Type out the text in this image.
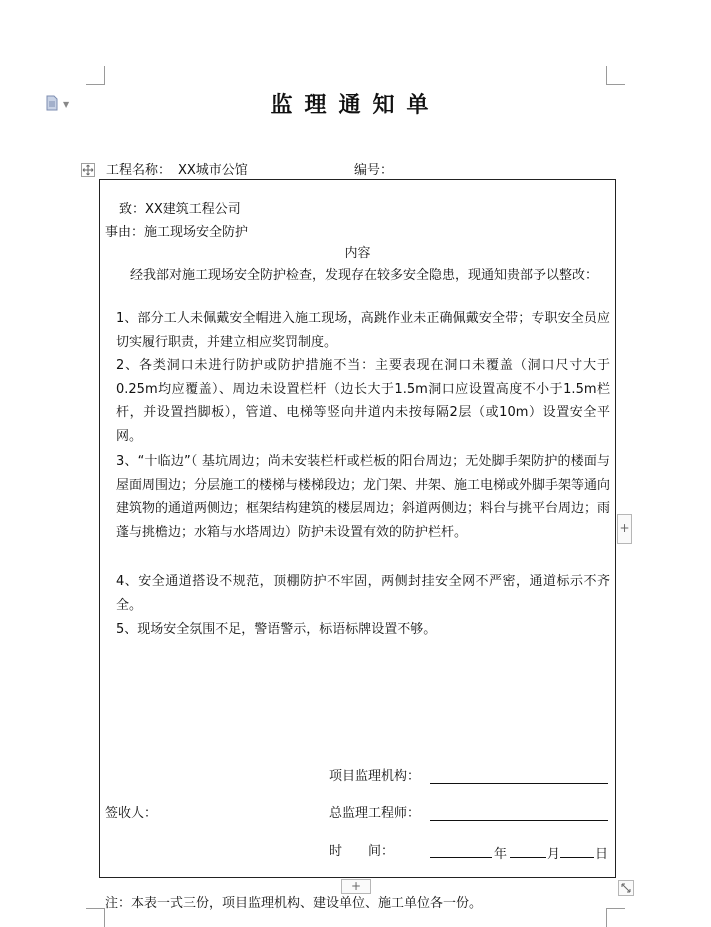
▼	监理通知单
工程名称： XX城市公馆	编号：
致：XX建筑工程公司
事由：施工现场安全防护
内容
经我部对施工现场安全防护检查，发现存在较多安全隐患，现通知贵部予以整改：
1、部分工人未佩戴安全帽进入施工现场，高跳作业未正确佩戴安全带；专职安全员应切实履行职责，并建立相应奖罚制度。
2、各类洞口未进行防护或防护措施不当：主要表现在洞口未覆盖（洞口尺寸大于0.25m均应覆盖）、周边未设置栏杆（边长大于1.5m洞口应设置高度不小于1.5m栏杆，并设置挡脚板），管道、电梯等竖向井道内未按每隔2层（或10m）设置安全平网。
3、“十临边”（ 基坑周边；尚未安装栏杆或栏板的阳台周边；无处脚手架防护的楼面与屋面周围边；分层施工的楼梯与楼梯段边；龙门架、井架、施工电梯或外脚手架等通向建筑物的通道两侧边；框架结构建筑的楼层周边；斜道两侧边；料台与挑平台周边；雨蓬与挑檐边；水箱与水塔周边）防护未设置有效的防护栏杆。
4、安全通道搭设不规范，顶棚防护不牢固，两侧封挂安全网不严密，通道标示不齐全。
5、现场安全氛围不足，警语警示，标语标牌设置不够。
项目监理机构：
签收人：	总监理工程师：
时　　间：	年	月	日
+
+
注：本表一式三份，项目监理机构、建设单位、施工单位各一份。
